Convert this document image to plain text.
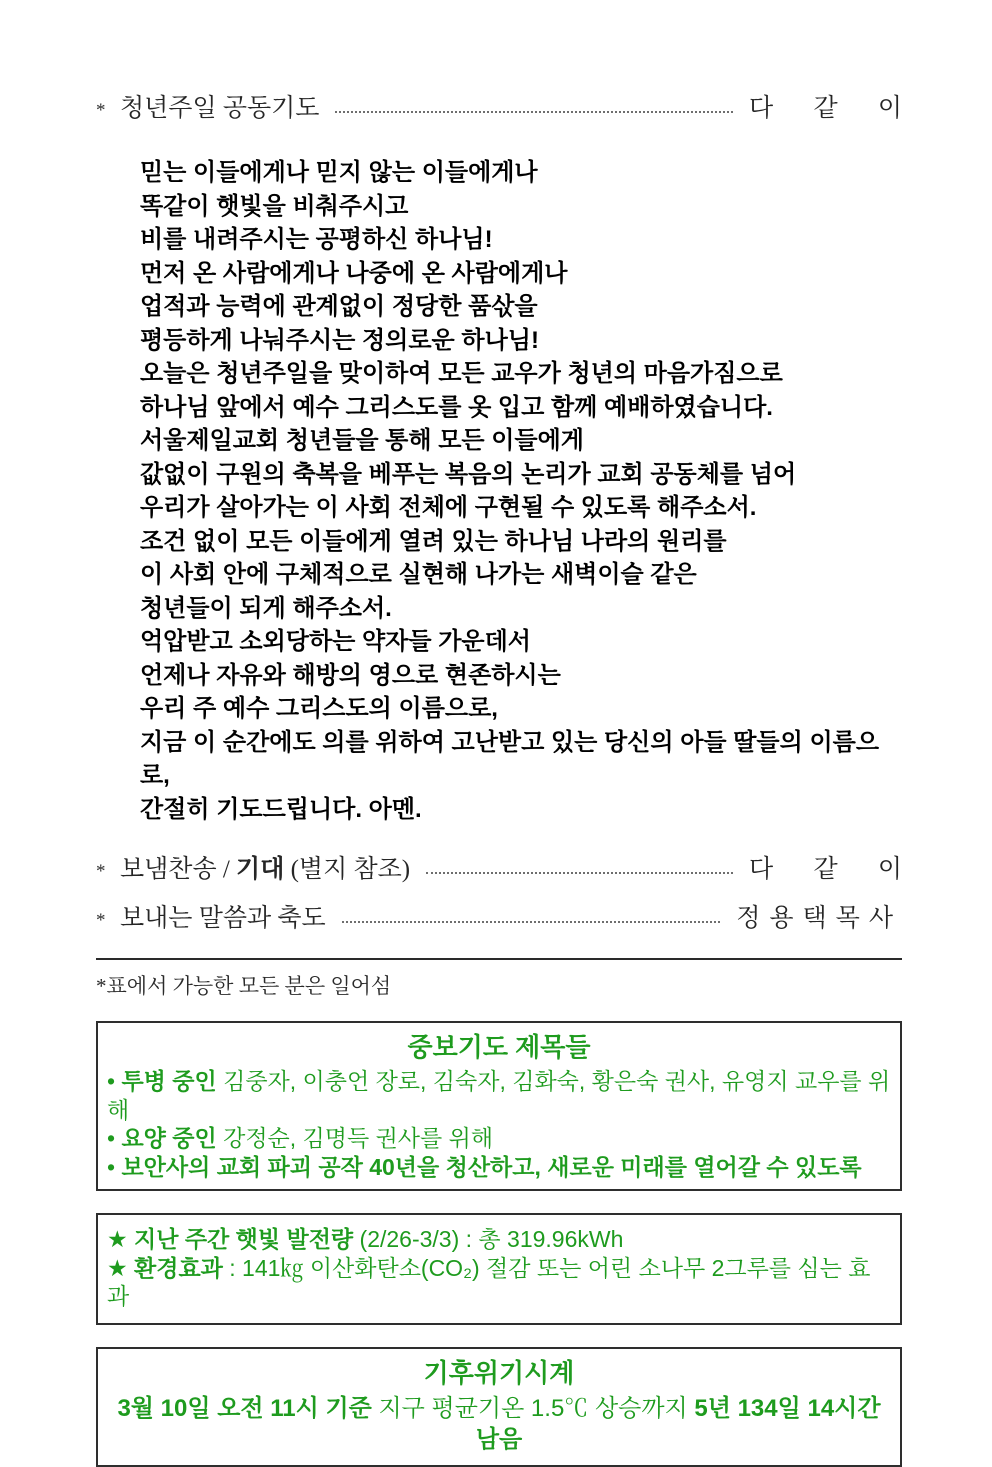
* 청년주일 공동기도	다 같 이
믿는 이들에게나 믿지 않는 이들에게나
똑같이 햇빛을 비춰주시고
비를 내려주시는 공평하신 하나님!
먼저 온 사람에게나 나중에 온 사람에게나
업적과 능력에 관계없이 정당한 품삯을
평등하게 나눠주시는 정의로운 하나님!
오늘은 청년주일을 맞이하여 모든 교우가 청년의 마음가짐으로
하나님 앞에서 예수 그리스도를 옷 입고 함께 예배하였습니다.
서울제일교회 청년들을 통해 모든 이들에게
값없이 구원의 축복을 베푸는 복음의 논리가 교회 공동체를 넘어
우리가 살아가는 이 사회 전체에 구현될 수 있도록 해주소서.
조건 없이 모든 이들에게 열려 있는 하나님 나라의 원리를
이 사회 안에 구체적으로 실현해 나가는 새벽이슬 같은
청년들이 되게 해주소서.
억압받고 소외당하는 약자들 가운데서
언제나 자유와 해방의 영으로 현존하시는
우리 주 예수 그리스도의 이름으로,
지금 이 순간에도 의를 위하여 고난받고 있는 당신의 아들 딸들의 이름으로,
간절히 기도드립니다. 아멘.
* 보냄찬송 / 기대 (별지 참조)	다 같 이
* 보내는 말씀과 축도	정용택목사
*표에서 가능한 모든 분은 일어섬
중보기도 제목들
• 투병 중인 김중자, 이충언 장로, 김숙자, 김화숙, 황은숙 권사, 유영지 교우를 위해
• 요양 중인 강정순, 김명득 권사를 위해
• 보안사의 교회 파괴 공작 40년을 청산하고, 새로운 미래를 열어갈 수 있도록
★ 지난 주간 햇빛 발전량 (2/26-3/3) : 총 319.96kWh
★ 환경효과 : 141㎏ 이산화탄소(CO₂) 절감 또는 어린 소나무 2그루를 심는 효과
기후위기시계
3월 10일 오전 11시 기준 지구 평균기온 1.5℃ 상승까지 5년 134일 14시간 남음
